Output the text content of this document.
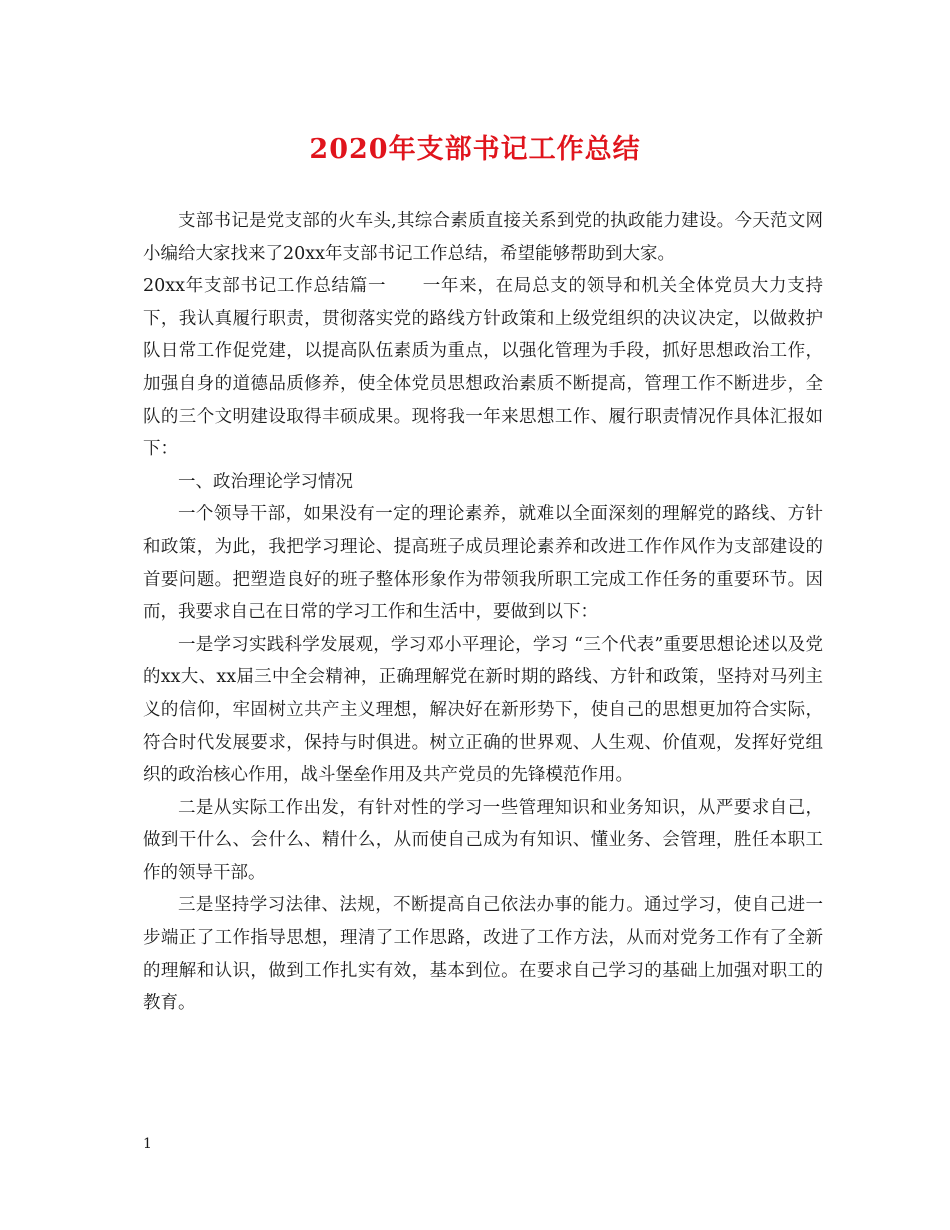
2020年支部书记工作总结

支部书记是党支部的火车头,其综合素质直接关系到党的执政能力建设。今天范文网小编给大家找来了20xx年支部书记工作总结，希望能够帮助到大家。

20xx年支部书记工作总结篇一　　一年来，在局总支的领导和机关全体党员大力支持下，我认真履行职责，贯彻落实党的路线方针政策和上级党组织的决议决定，以做救护队日常工作促党建，以提高队伍素质为重点，以强化管理为手段，抓好思想政治工作，加强自身的道德品质修养，使全体党员思想政治素质不断提高，管理工作不断进步，全队的三个文明建设取得丰硕成果。现将我一年来思想工作、履行职责情况作具体汇报如下：

一、政治理论学习情况

一个领导干部，如果没有一定的理论素养，就难以全面深刻的理解党的路线、方针和政策，为此，我把学习理论、提高班子成员理论素养和改进工作作风作为支部建设的首要问题。把塑造良好的班子整体形象作为带领我所职工完成工作任务的重要环节。因而，我要求自己在日常的学习工作和生活中，要做到以下：

一是学习实践科学发展观，学习邓小平理论，学习 “三个代表”重要思想论述以及党的xx大、xx届三中全会精神，正确理解党在新时期的路线、方针和政策，坚持对马列主义的信仰，牢固树立共产主义理想，解决好在新形势下，使自己的思想更加符合实际，符合时代发展要求，保持与时俱进。树立正确的世界观、人生观、价值观，发挥好党组织的政治核心作用，战斗堡垒作用及共产党员的先锋模范作用。

二是从实际工作出发，有针对性的学习一些管理知识和业务知识，从严要求自己，做到干什么、会什么、精什么，从而使自己成为有知识、懂业务、会管理，胜任本职工作的领导干部。

三是坚持学习法律、法规，不断提高自己依法办事的能力。通过学习，使自己进一步端正了工作指导思想，理清了工作思路，改进了工作方法，从而对党务工作有了全新的理解和认识，做到工作扎实有效，基本到位。在要求自己学习的基础上加强对职工的教育。

1
